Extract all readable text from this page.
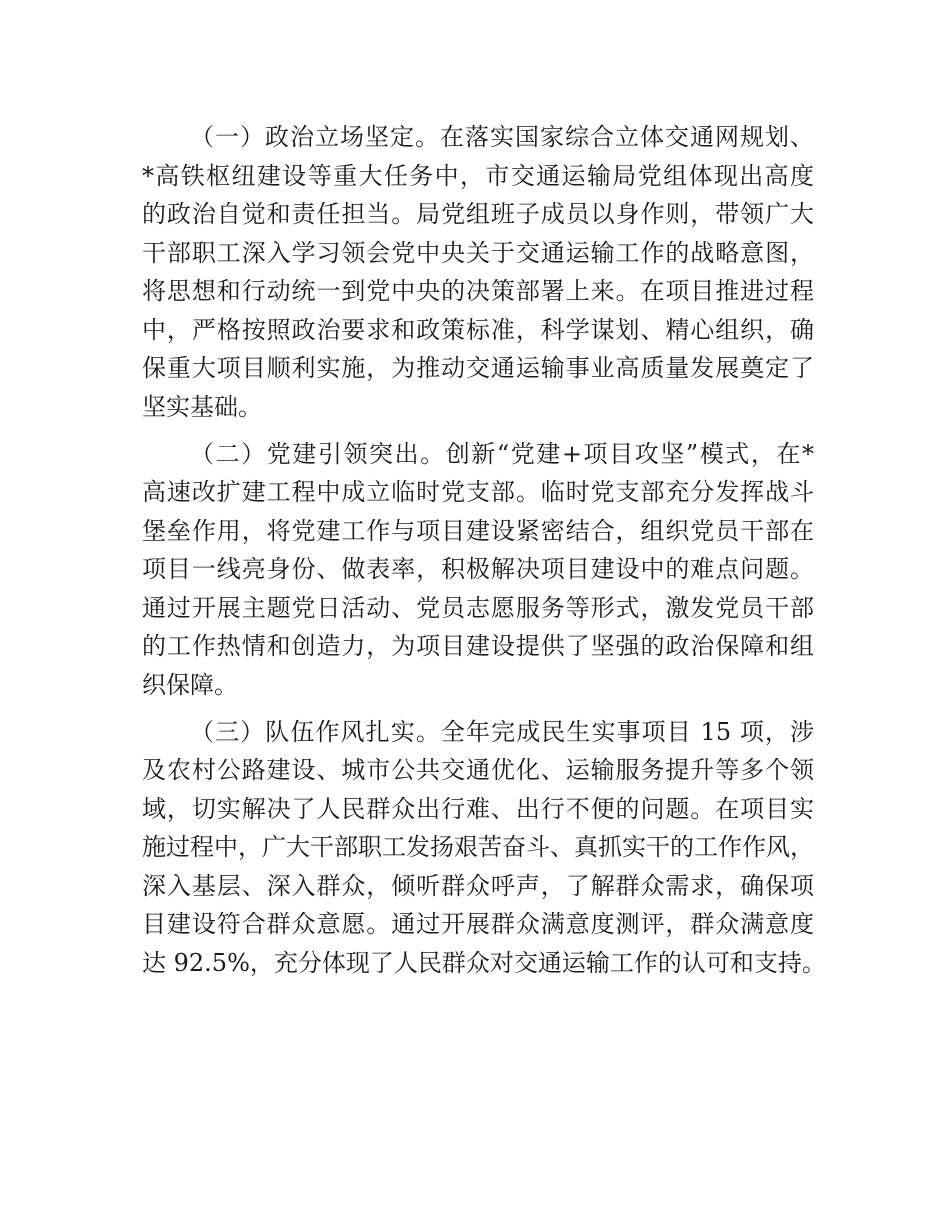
（一）政治立场坚定。在落实国家综合立体交通网规划、
*高铁枢纽建设等重大任务中，市交通运输局党组体现出高度
的政治自觉和责任担当。局党组班子成员以身作则，带领广大
干部职工深入学习领会党中央关于交通运输工作的战略意图，
将思想和行动统一到党中央的决策部署上来。在项目推进过程
中，严格按照政治要求和政策标准，科学谋划、精心组织，确
保重大项目顺利实施，为推动交通运输事业高质量发展奠定了
坚实基础。
（二）党建引领突出。创新“党建+项目攻坚”模式，在*
高速改扩建工程中成立临时党支部。临时党支部充分发挥战斗
堡垒作用，将党建工作与项目建设紧密结合，组织党员干部在
项目一线亮身份、做表率，积极解决项目建设中的难点问题。
通过开展主题党日活动、党员志愿服务等形式，激发党员干部
的工作热情和创造力，为项目建设提供了坚强的政治保障和组
织保障。
（三）队伍作风扎实。全年完成民生实事项目 15 项，涉
及农村公路建设、城市公共交通优化、运输服务提升等多个领
域，切实解决了人民群众出行难、出行不便的问题。在项目实
施过程中，广大干部职工发扬艰苦奋斗、真抓实干的工作作风，
深入基层、深入群众，倾听群众呼声，了解群众需求，确保项
目建设符合群众意愿。通过开展群众满意度测评，群众满意度
达 92.5%，充分体现了人民群众对交通运输工作的认可和支持。
